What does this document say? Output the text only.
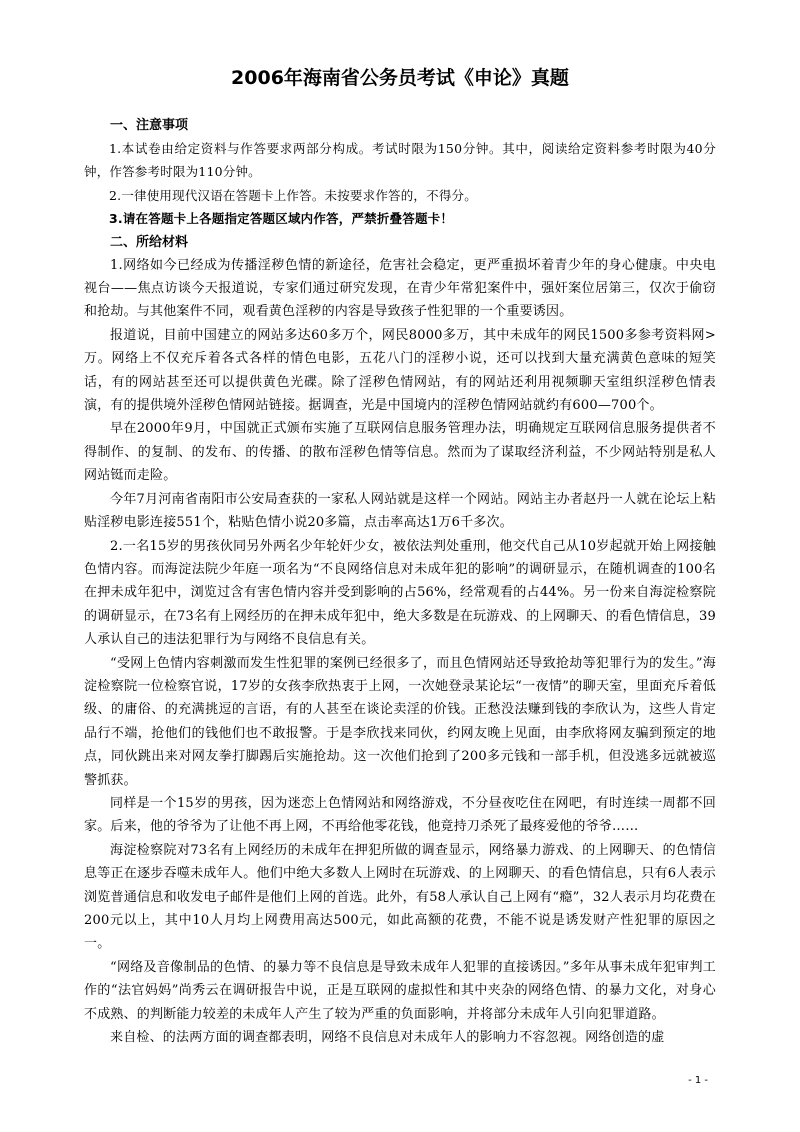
2006年海南省公务员考试《申论》真题

一、注意事项

1.本试卷由给定资料与作答要求两部分构成。考试时限为150分钟。其中，阅读给定资料参考时限为40分钟，作答参考时限为110分钟。

2.一律使用现代汉语在答题卡上作答。未按要求作答的，不得分。

3.请在答题卡上各题指定答题区域内作答，严禁折叠答题卡！

二、所给材料

1.网络如今已经成为传播淫秽色情的新途径，危害社会稳定，更严重损坏着青少年的身心健康。中央电视台——焦点访谈今天报道说，专家们通过研究发现，在青少年常犯案件中，强奸案位居第三，仅次于偷窃和抢劫。与其他案件不同，观看黄色淫秽的内容是导致孩子性犯罪的一个重要诱因。

报道说，目前中国建立的网站多达60多万个，网民8000多万，其中未成年的网民1500多参考资料网>万。网络上不仅充斥着各式各样的情色电影，五花八门的淫秽小说，还可以找到大量充满黄色意味的短笑话，有的网站甚至还可以提供黄色光碟。除了淫秽色情网站，有的网站还利用视频聊天室组织淫秽色情表演，有的提供境外淫秽色情网站链接。据调查，光是中国境内的淫秽色情网站就约有600—700个。

早在2000年9月，中国就正式颁布实施了互联网信息服务管理办法，明确规定互联网信息服务提供者不得制作、的复制、的发布、的传播、的散布淫秽色情等信息。然而为了谋取经济利益，不少网站特别是私人网站铤而走险。

今年7月河南省南阳市公安局查获的一家私人网站就是这样一个网站。网站主办者赵丹一人就在论坛上粘贴淫秽电影连接551个，粘贴色情小说20多篇，点击率高达1万6千多次。

2.一名15岁的男孩伙同另外两名少年轮奸少女，被依法判处重刑，他交代自己从10岁起就开始上网接触色情内容。而海淀法院少年庭一项名为“不良网络信息对未成年犯的影响”的调研显示，在随机调查的100名在押未成年犯中，浏览过含有害色情内容并受到影响的占56%，经常观看的占44%。另一份来自海淀检察院的调研显示，在73名有上网经历的在押未成年犯中，绝大多数是在玩游戏、的上网聊天、的看色情信息，39人承认自己的违法犯罪行为与网络不良信息有关。

“受网上色情内容刺激而发生性犯罪的案例已经很多了，而且色情网站还导致抢劫等犯罪行为的发生。”海淀检察院一位检察官说，17岁的女孩李欣热衷于上网，一次她登录某论坛“一夜情”的聊天室，里面充斥着低级、的庸俗、的充满挑逗的言语，有的人甚至在谈论卖淫的价钱。正愁没法赚到钱的李欣认为，这些人肯定品行不端，抢他们的钱他们也不敢报警。于是李欣找来同伙，约网友晚上见面，由李欣将网友骗到预定的地点，同伙跳出来对网友拳打脚踢后实施抢劫。这一次他们抢到了200多元钱和一部手机，但没逃多远就被巡警抓获。

同样是一个15岁的男孩，因为迷恋上色情网站和网络游戏，不分昼夜吃住在网吧，有时连续一周都不回家。后来，他的爷爷为了让他不再上网，不再给他零花钱，他竟持刀杀死了最疼爱他的爷爷……

海淀检察院对73名有上网经历的未成年在押犯所做的调查显示，网络暴力游戏、的上网聊天、的色情信息等正在逐步吞噬未成年人。他们中绝大多数人上网时在玩游戏、的上网聊天、的看色情信息，只有6人表示浏览普通信息和收发电子邮件是他们上网的首选。此外，有58人承认自己上网有“瘾”，32人表示月均花费在200元以上，其中10人月均上网费用高达500元，如此高额的花费，不能不说是诱发财产性犯罪的原因之一。

“网络及音像制品的色情、的暴力等不良信息是导致未成年人犯罪的直接诱因。”多年从事未成年犯审判工作的“法官妈妈”尚秀云在调研报告中说，正是互联网的虚拟性和其中夹杂的网络色情、的暴力文化，对身心不成熟、的判断能力较差的未成年人产生了较为严重的负面影响，并将部分未成年人引向犯罪道路。

来自检、的法两方面的调查都表明，网络不良信息对未成年人的影响力不容忽视。网络创造的虚

- 1 -
